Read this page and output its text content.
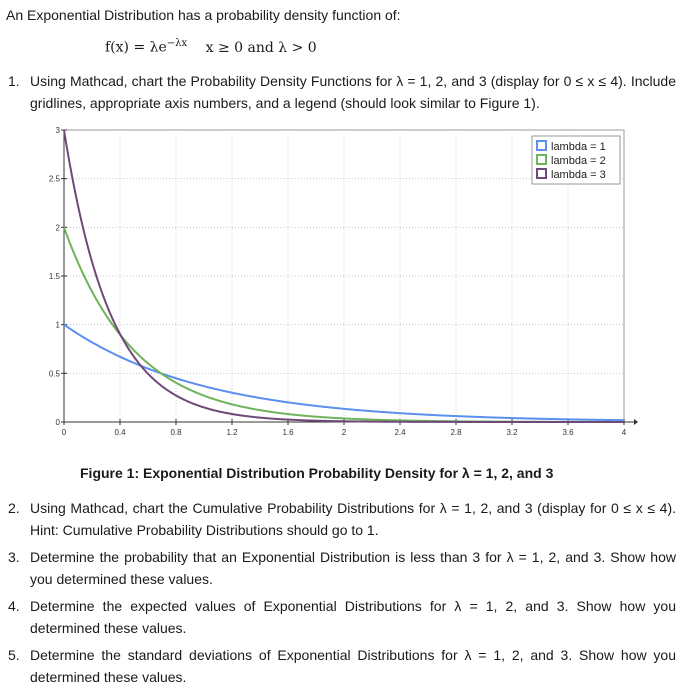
An Exponential Distribution has a probability density function of:
$f(x) = \lambda e^{-\lambda x}$ x ≥ 0 and λ > 0
1. Using Mathcad, chart the Probability Density Functions for λ = 1, 2, and 3 (display for 0 ≤ x ≤ 4). Include gridlines, appropriate axis numbers, and a legend (should look similar to Figure 1).
0	0.4	0.8	1.2	1.6	2	2.4	2.8	3.2	3.6	4
0
0.5
1
1.5
2
2.5
3
lambda = 1
lambda = 2
lambda = 3
Figure 1: Exponential Distribution Probability Density for λ = 1, 2, and 3
2. Using Mathcad, chart the Cumulative Probability Distributions for λ = 1, 2, and 3 (display for 0 ≤ x ≤ 4). Hint: Cumulative Probability Distributions should go to 1.
3. Determine the probability that an Exponential Distribution is less than 3 for λ = 1, 2, and 3. Show how you determined these values.
4. Determine the expected values of Exponential Distributions for λ = 1, 2, and 3. Show how you determined these values.
5. Determine the standard deviations of Exponential Distributions for λ = 1, 2, and 3. Show how you determined these values.
